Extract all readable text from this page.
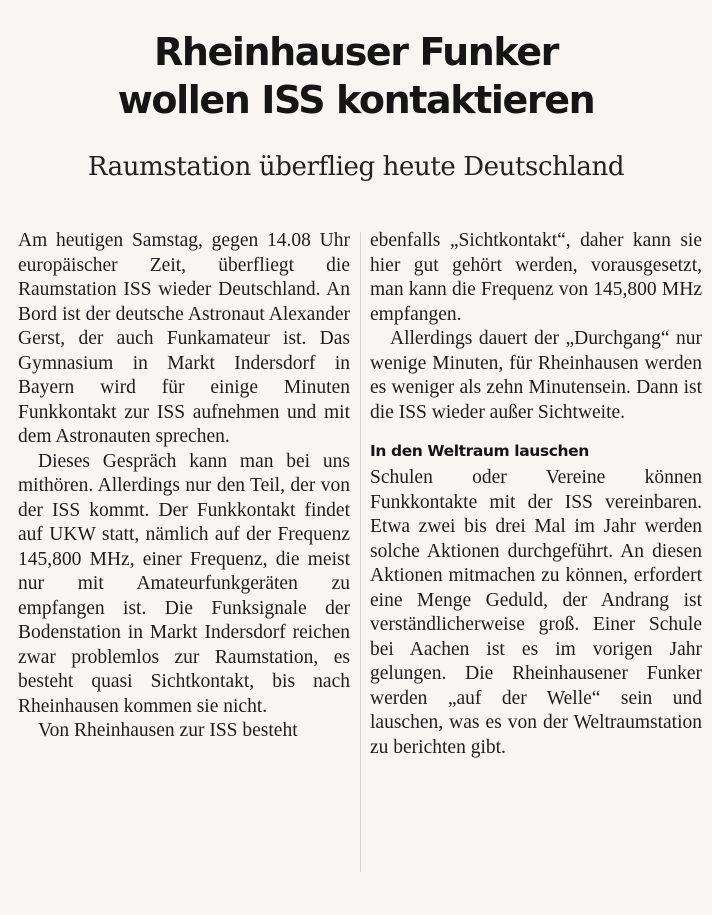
Rheinhauser Funker
wollen ISS kontaktieren
Raumstation überflieg heute Deutschland

Am heutigen Samstag, gegen 14.08 Uhr europäischer Zeit, überfliegt die Raumstation ISS wieder Deutschland. An Bord ist der deutsche Astronaut Alexander Gerst, der auch Funkamateur ist. Das Gymnasium in Markt Indersdorf in Bayern wird für einige Minuten Funkkontakt zur ISS aufnehmen und mit dem Astronauten sprechen.

Dieses Gespräch kann man bei uns mithören. Allerdings nur den Teil, der von der ISS kommt. Der Funkkontakt findet auf UKW statt, nämlich auf der Frequenz 145,800 MHz, einer Frequenz, die meist nur mit Amateurfunkgeräten zu empfangen ist. Die Funksignale der Bodenstation in Markt Indersdorf reichen zwar problemlos zur Raumstation, es besteht quasi Sichtkontakt, bis nach Rheinhausen kommen sie nicht.

Von Rheinhausen zur ISS besteht

ebenfalls „Sichtkontakt“, daher kann sie hier gut gehört werden, vorausgesetzt, man kann die Frequenz von 145,800 MHz empfangen.

Allerdings dauert der „Durchgang“ nur wenige Minuten, für Rheinhausen werden es weniger als zehn Minutensein. Dann ist die ISS wieder außer Sichtweite.

In den Weltraum lauschen

Schulen oder Vereine können Funkkontakte mit der ISS vereinbaren. Etwa zwei bis drei Mal im Jahr werden solche Aktionen durchgeführt. An diesen Aktionen mitmachen zu können, erfordert eine Menge Geduld, der Andrang ist verständlicherweise groß. Einer Schule bei Aachen ist es im vorigen Jahr gelungen. Die Rheinhausener Funker werden „auf der Welle“ sein und lauschen, was es von der Weltraumstation zu berichten gibt.
